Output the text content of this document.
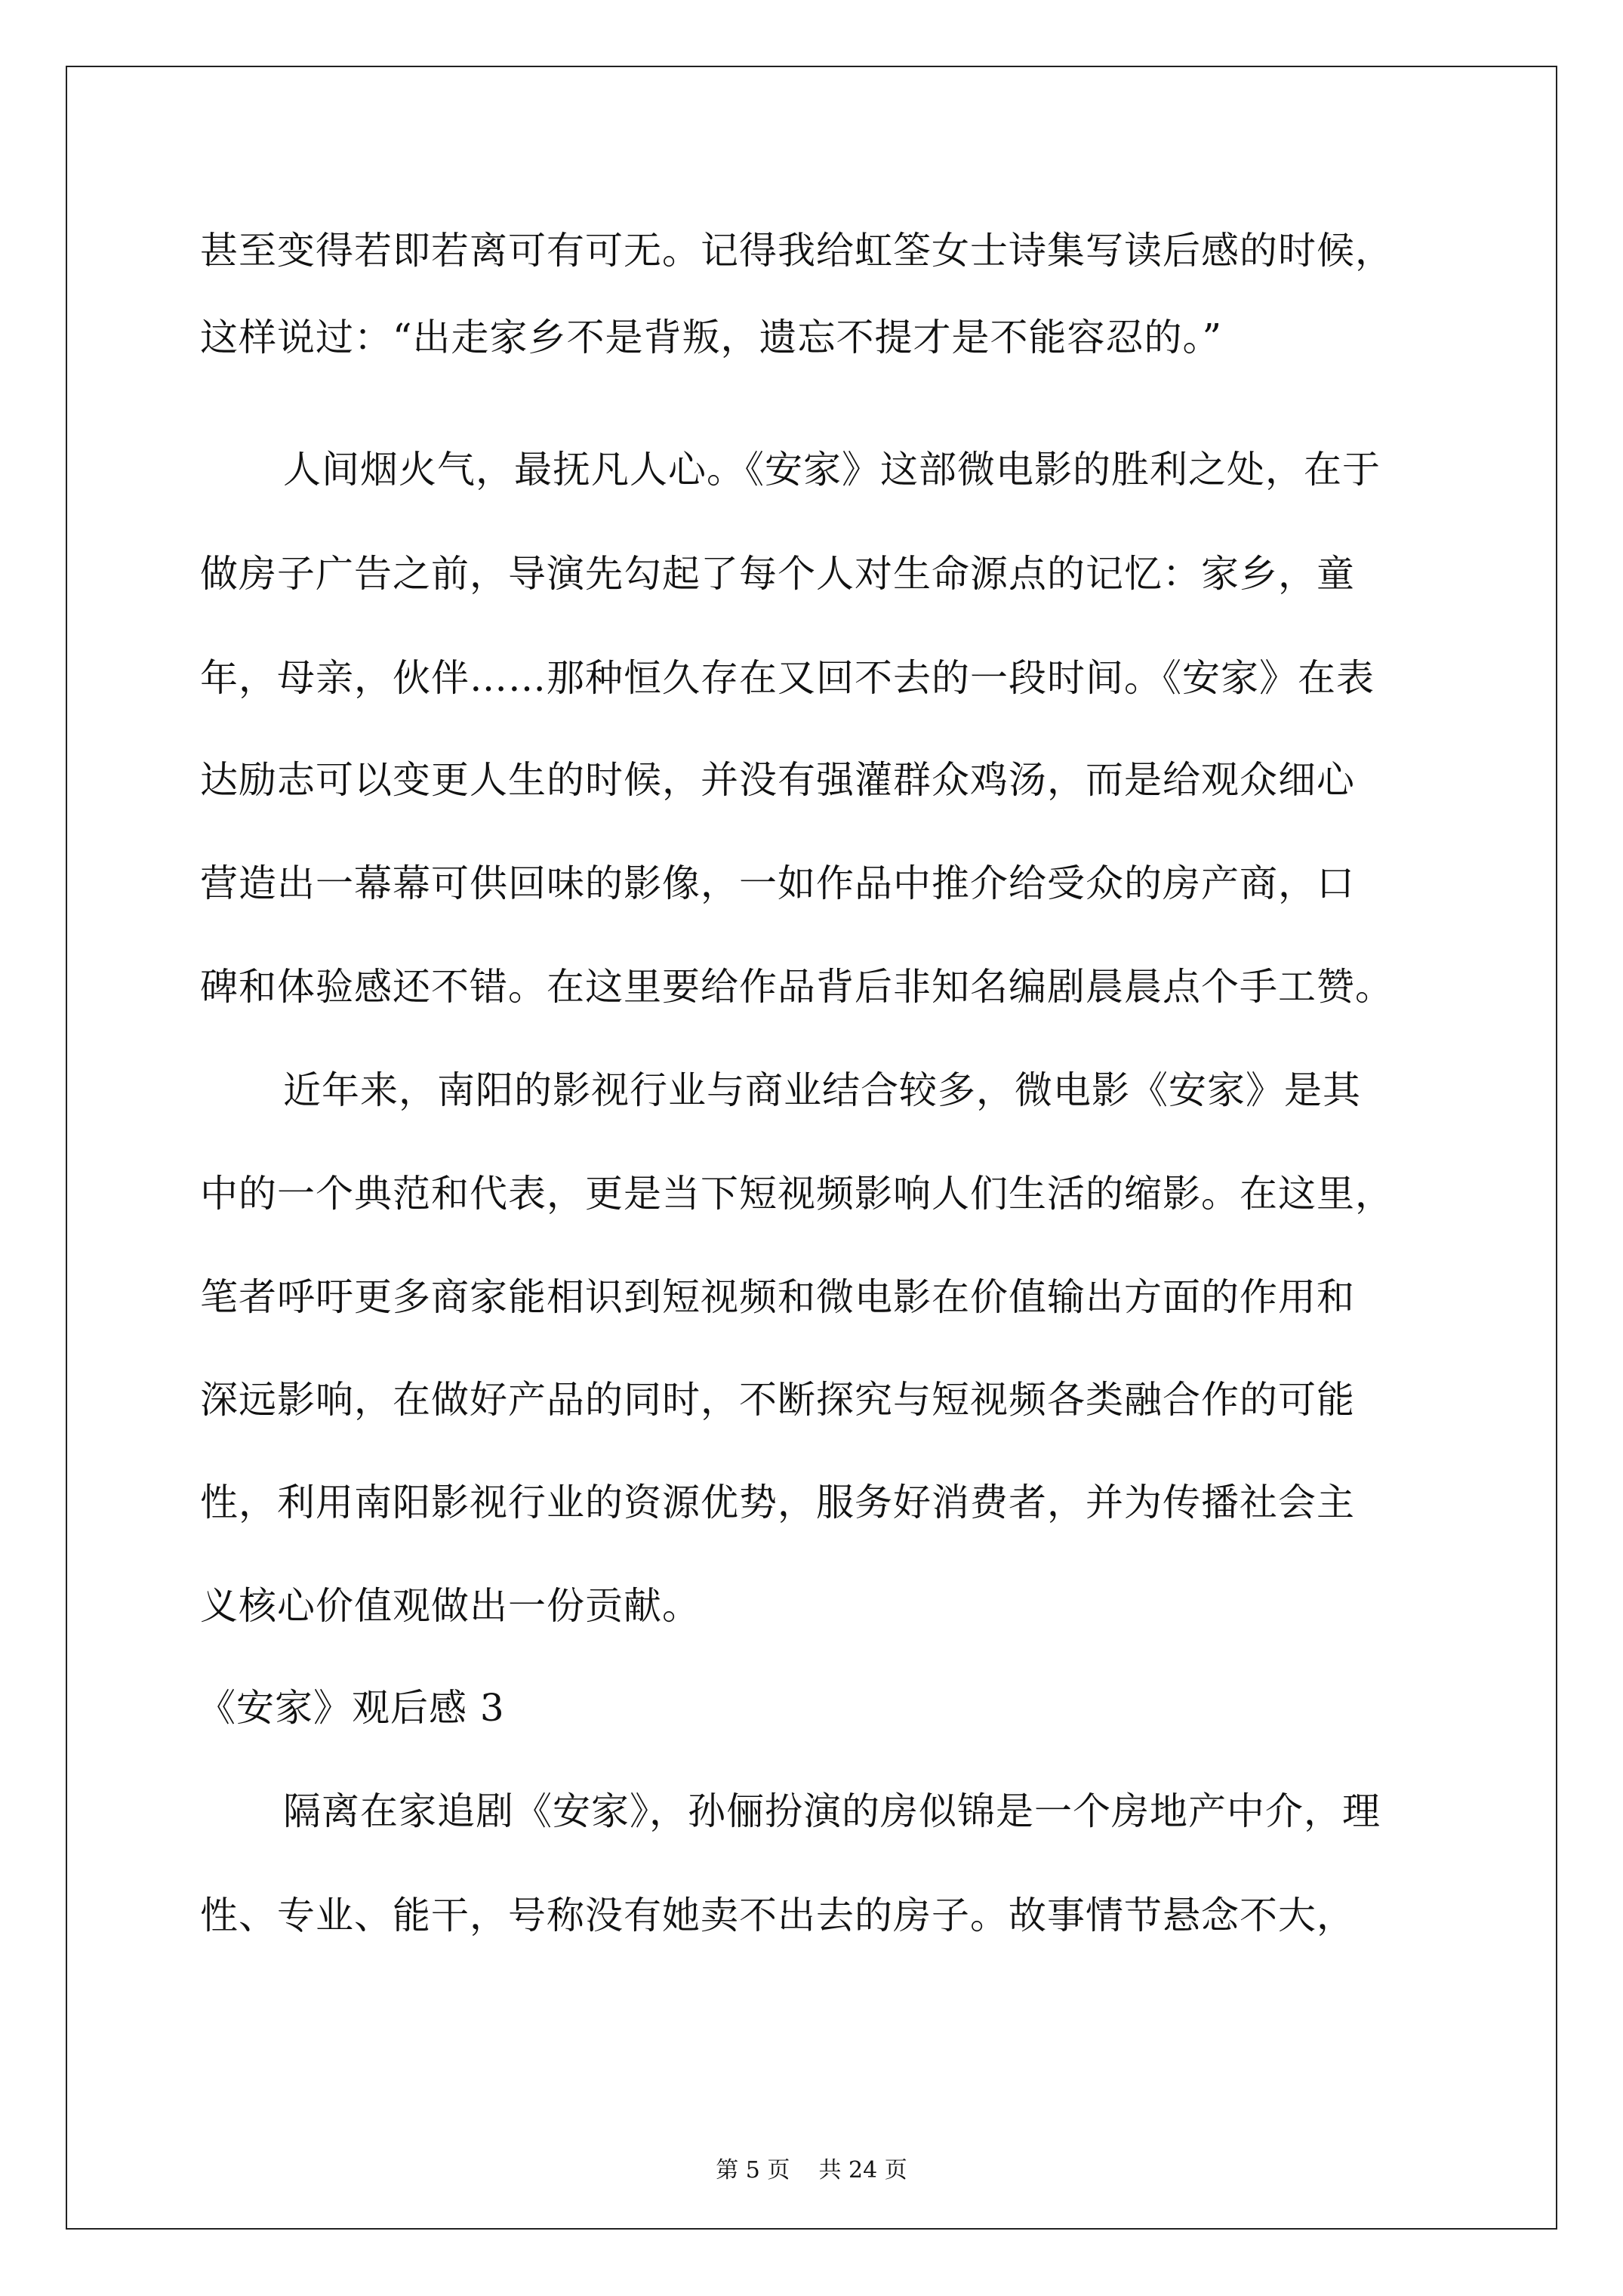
甚至变得若即若离可有可无。记得我给虹筌女士诗集写读后感的时候，
这样说过：“出走家乡不是背叛，遗忘不提才是不能容忍的。”
人间烟火气，最抚凡人心。《安家》这部微电影的胜利之处，在于
做房子广告之前，导演先勾起了每个人对生命源点的记忆：家乡，童
年，母亲，伙伴……那种恒久存在又回不去的一段时间。《安家》在表
达励志可以变更人生的时候，并没有强灌群众鸡汤，而是给观众细心
营造出一幕幕可供回味的影像，一如作品中推介给受众的房产商，口
碑和体验感还不错。在这里要给作品背后非知名编剧晨晨点个手工赞。
近年来，南阳的影视行业与商业结合较多，微电影《安家》是其
中的一个典范和代表，更是当下短视频影响人们生活的缩影。在这里，
笔者呼吁更多商家能相识到短视频和微电影在价值输出方面的作用和
深远影响，在做好产品的同时，不断探究与短视频各类融合作的可能
性，利用南阳影视行业的资源优势，服务好消费者，并为传播社会主
义核心价值观做出一份贡献。
《安家》观后感 3
隔离在家追剧《安家》，孙俪扮演的房似锦是一个房地产中介，理
性、专业、能干，号称没有她卖不出去的房子。故事情节悬念不大，
第 5 页    共 24 页
